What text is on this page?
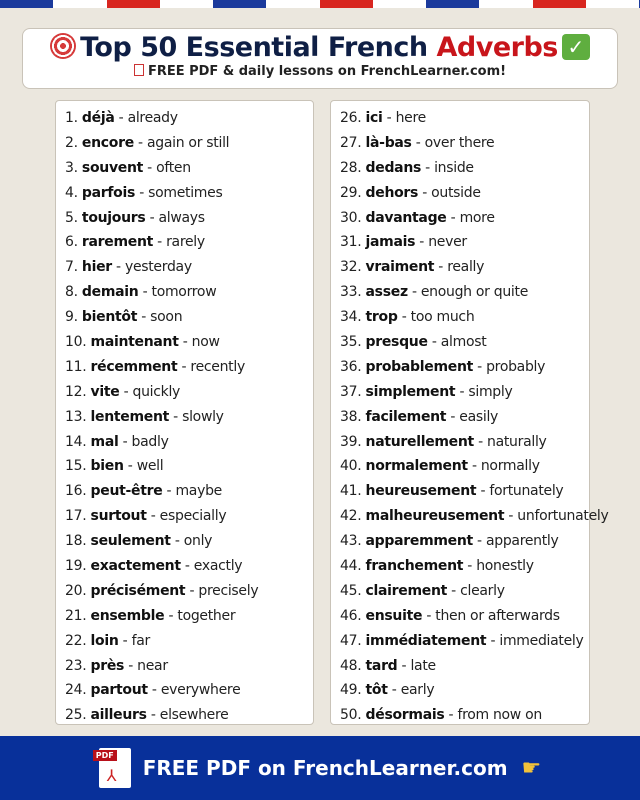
Top 50 Essential French Adverbs ✓
FREE PDF & daily lessons on FrenchLearner.com!
1. déjà - already
2. encore - again or still
3. souvent - often
4. parfois - sometimes
5. toujours - always
6. rarement - rarely
7. hier - yesterday
8. demain - tomorrow
9. bientôt - soon
10. maintenant - now
11. récemment - recently
12. vite - quickly
13. lentement - slowly
14. mal - badly
15. bien - well
16. peut-être - maybe
17. surtout - especially
18. seulement - only
19. exactement - exactly
20. précisément - precisely
21. ensemble - together
22. loin - far
23. près - near
24. partout - everywhere
25. ailleurs - elsewhere
26. ici - here
27. là-bas - over there
28. dedans - inside
29. dehors - outside
30. davantage - more
31. jamais - never
32. vraiment - really
33. assez - enough or quite
34. trop - too much
35. presque - almost
36. probablement - probably
37. simplement - simply
38. facilement - easily
39. naturellement - naturally
40. normalement - normally
41. heureusement - fortunately
42. malheureusement - unfortunately
43. apparemment - apparently
44. franchement - honestly
45. clairement - clearly
46. ensuite - then or afterwards
47. immédiatement - immediately
48. tard - late
49. tôt - early
50. désormais - from now on
PDF
⅄ FREE PDF on FrenchLearner.com ☛
